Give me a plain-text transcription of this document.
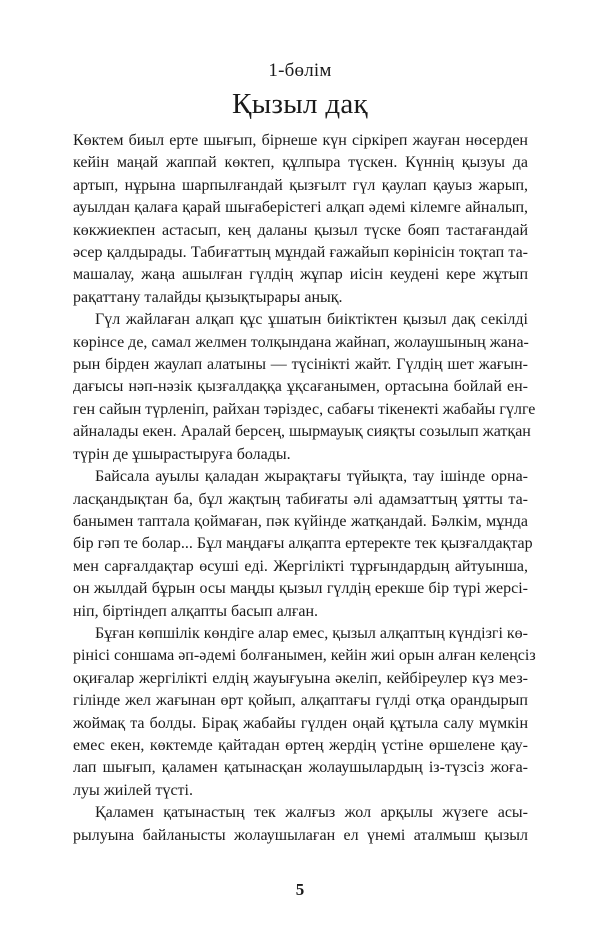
1-бөлім
Қызыл дақ
Көктем биыл ерте шығып, бірнеше күн сіркіреп жауған нөсерден
кейін маңай жаппай көктеп, құлпыра түскен. Күннің қызуы да
артып, нұрына шарпылғандай қызғылт гүл қаулап қауыз жарып,
ауылдан қалаға қарай шығаберістегі алқап әдемі кілемге айналып,
көкжиекпен астасып, кең даланы қызыл түске бояп тастағандай
әсер қалдырады. Табиғаттың мұндай ғажайып көрінісін тоқтап та-
машалау, жаңа ашылған гүлдің жұпар иісін кеудені кере жұтып
рақаттану талайды қызықтырары анық.
Гүл жайлаған алқап құс ұшатын биіктіктен қызыл дақ секілді
көрінсе де, самал желмен толқындана жайнап, жолаушының жана-
рын бірден жаулап алатыны — түсінікті жайт. Гүлдің шет жағын-
дағысы нәп-нәзік қызғалдаққа ұқсағанымен, ортасына бойлай ен-
ген сайын түрленіп, райхан тәріздес, сабағы тікенекті жабайы гүлге
айналады екен. Аралай берсең, шырмауық сияқты созылып жатқан
түрін де ұшыраcтыруға болады.
Байсала ауылы қаладан жырақтағы түйықта, тау ішінде орна-
ласқандықтан ба, бұл жақтың табиғаты әлі адамзаттың ұятты та-
банымен таптала қоймаған, пәк күйінде жатқандай. Бәлкім, мұнда
бір гәп те болар... Бұл маңдағы алқапта ертеректе тек қызғалдақтар
мен сарғалдақтар өсуші еді. Жергілікті тұрғындардың айтуынша,
он жылдай бұрын осы маңды қызыл гүлдің ерекше бір түрі жерсі-
ніп, біртіндеп алқапты басып алған.
Бұған көпшілік көндіге алар емес, қызыл алқаптың күндізгі кө-
рінісі соншама әп-әдемі болғанымен, кейін жиі орын алған келеңсіз
оқиғалар жергілікті елдің жауығуына әкеліп, кейбіреулер күз мез-
гілінде жел жағынан өрт қойып, алқаптағы гүлді отқа орандырып
жоймақ та болды. Бірақ жабайы гүлден оңай құтыла салу мүмкін
емес екен, көктемде қайтадан өртең жердің үстіне өршелене қау-
лап шығып, қаламен қатынасқан жолаушылардың із-түзсіз жоға-
луы жиілей түсті.
Қаламен қатынастың тек жалғыз жол арқылы жүзеге асы-
рылуына байланысты жолаушылаған ел үнемі аталмыш қызыл
5
